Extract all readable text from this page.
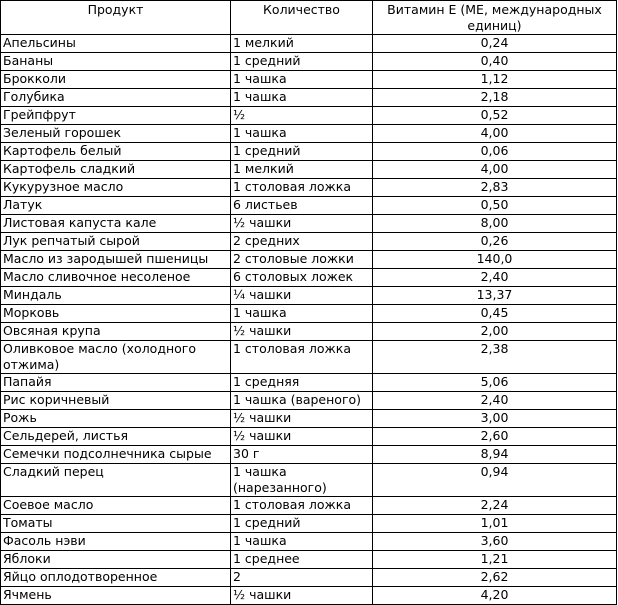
Продукт	Количество	Витамин Е (МЕ, международных единиц)
Апельсины	1 мелкий	0,24
Бананы	1 средний	0,40
Брокколи	1 чашка	1,12
Голубика	1 чашка	2,18
Грейпфрут	½	0,52
Зеленый горошек	1 чашка	4,00
Картофель белый	1 средний	0,06
Картофель сладкий	1 мелкий	4,00
Кукурузное масло	1 столовая ложка	2,83
Латук	6 листьев	0,50
Листовая капуста кале	½ чашки	8,00
Лук репчатый сырой	2 средних	0,26
Масло из зародышей пшеницы	2 столовые ложки	140,0
Масло сливочное несоленое	6 столовых ложек	2,40
Миндаль	¼ чашки	13,37
Морковь	1 чашка	0,45
Овсяная крупа	½ чашки	2,00
Оливковое масло (холодного отжима)	1 столовая ложка	2,38
Папайя	1 средняя	5,06
Рис коричневый	1 чашка (вареного)	2,40
Рожь	½ чашки	3,00
Сельдерей, листья	½ чашки	2,60
Семечки подсолнечника сырые	30 г	8,94
Сладкий перец	1 чашка (нарезанного)	0,94
Соевое масло	1 столовая ложка	2,24
Томаты	1 средний	1,01
Фасоль нэви	1 чашка	3,60
Яблоки	1 среднее	1,21
Яйцо оплодотворенное	2	2,62
Ячмень	½ чашки	4,20
